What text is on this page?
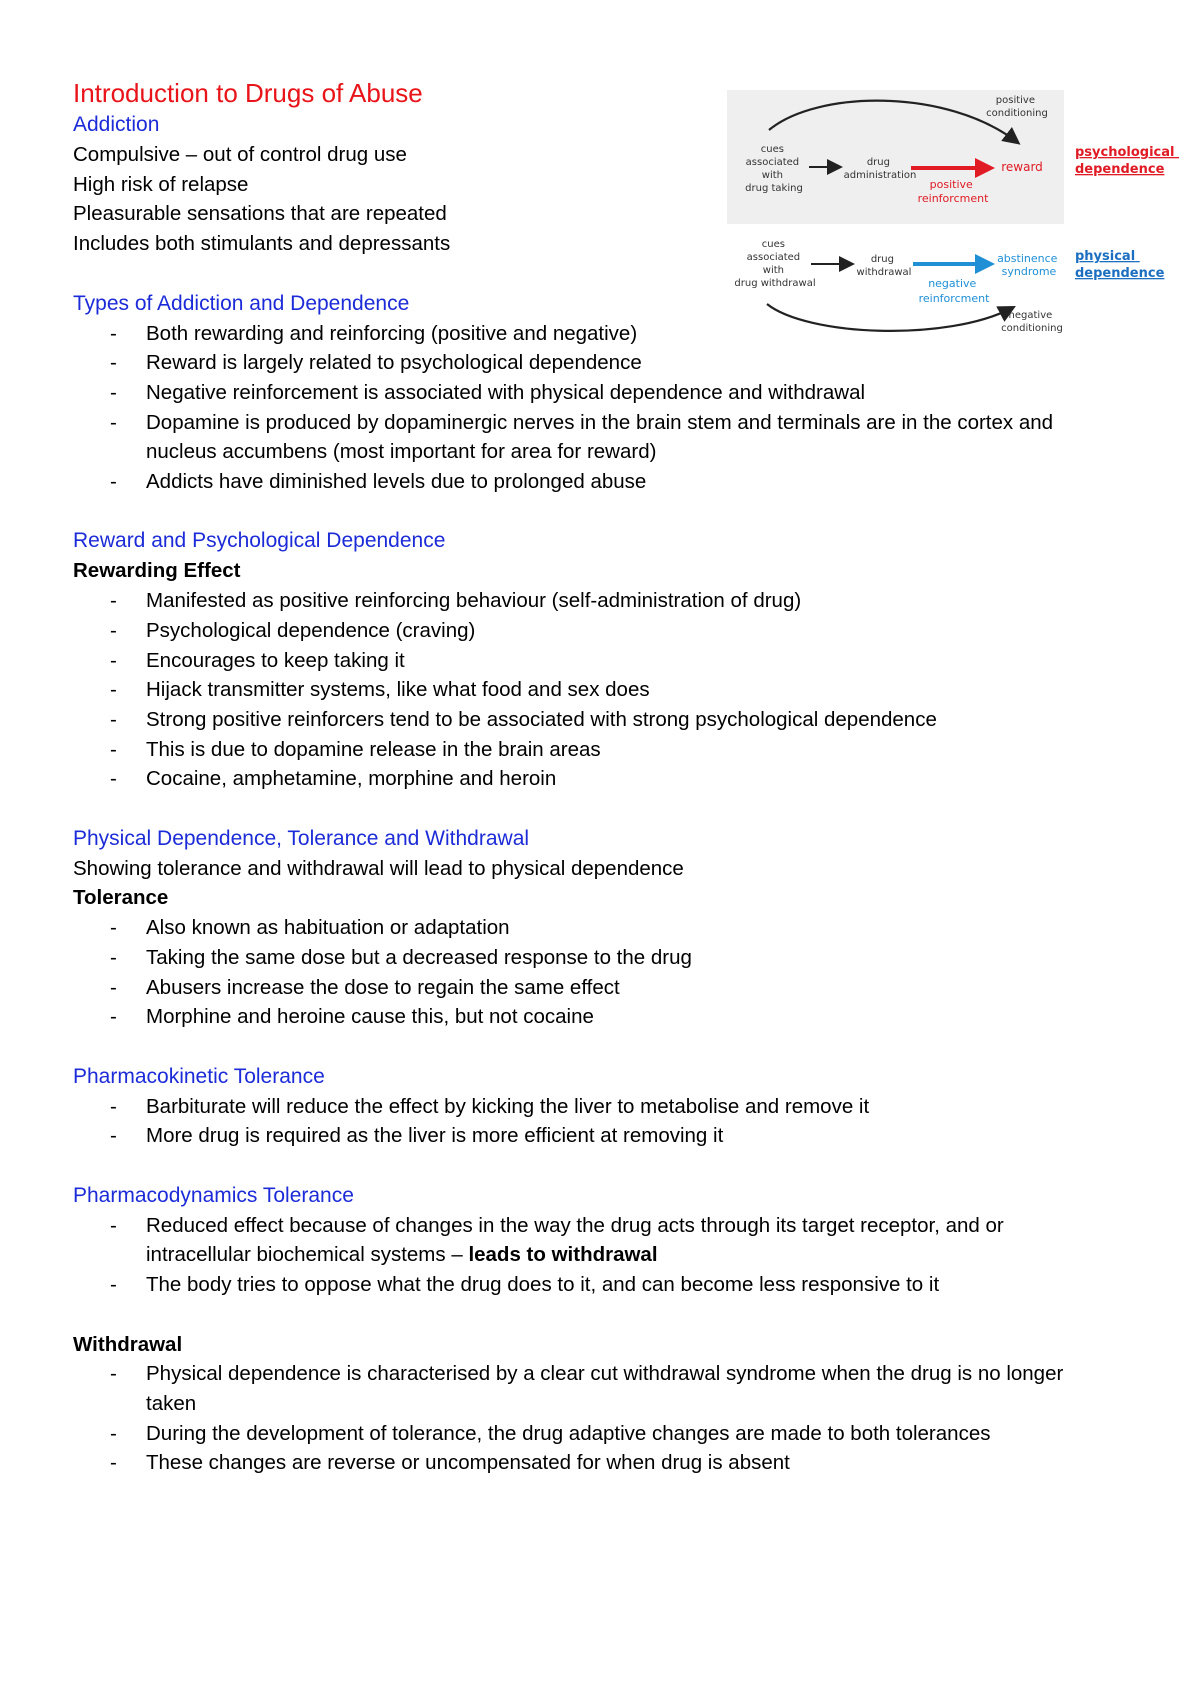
Introduction to Drugs of Abuse
Addiction

Compulsive – out of control drug use

High risk of relapse

Pleasurable sensations that are repeated

Includes both stimulants and depressants

Types of Addiction and Dependence
- Both rewarding and reinforcing (positive and negative)
- Reward is largely related to psychological dependence
- Negative reinforcement is associated with physical dependence and withdrawal
- Dopamine is produced by dopaminergic nerves in the brain stem and terminals are in the cortex and nucleus accumbens (most important for area for reward)
- Addicts have diminished levels due to prolonged abuse
Reward and Psychological Dependence

Rewarding Effect

- Manifested as positive reinforcing behaviour (self-administration of drug)
- Psychological dependence (craving)
- Encourages to keep taking it
- Hijack transmitter systems, like what food and sex does
- Strong positive reinforcers tend to be associated with strong psychological dependence
- This is due to dopamine release in the brain areas
- Cocaine, amphetamine, morphine and heroin
Physical Dependence, Tolerance and Withdrawal

Showing tolerance and withdrawal will lead to physical dependence

Tolerance

- Also known as habituation or adaptation
- Taking the same dose but a decreased response to the drug
- Abusers increase the dose to regain the same effect
- Morphine and heroine cause this, but not cocaine
Pharmacokinetic Tolerance
- Barbiturate will reduce the effect by kicking the liver to metabolise and remove it
- More drug is required as the liver is more efficient at removing it
Pharmacodynamics Tolerance
- Reduced effect because of changes in the way the drug acts through its target receptor, and or intracellular biochemical systems – leads to withdrawal
- The body tries to oppose what the drug does to it, and can become less responsive to it

Withdrawal

- Physical dependence is characterised by a clear cut withdrawal syndrome when the drug is no longer taken
- During the development of tolerance, the drug adaptive changes are made to both tolerances
- These changes are reverse or uncompensated for when drug is absent
positive conditioning
cues associated with drug taking
drug administration
positive reinforcment
reward
psychological dependence
cues associated with drug withdrawal
drug withdrawal
negative reinforcment
abstinence syndrome
physical dependence
negative conditioning
